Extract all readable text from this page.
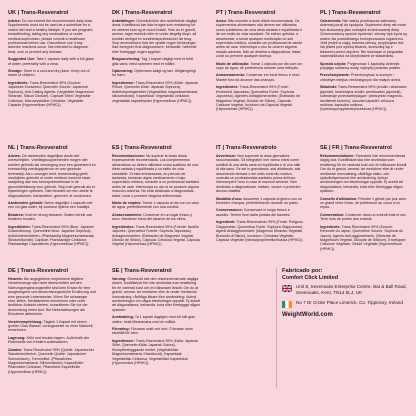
UK | Trans-Resveratrol

Advice: Do not exceed the recommended daily dose. Supplements must not be used as a substitute for a varied diet and a healthy lifestyle. If you are pregnant, breastfeeding, taking any medications or under medical supervision, please consult a healthcare professional before use. Discontinue use if any adverse reactions occur. Not intended to diagnose, treat, cure or prevent any disease.

Suggested Use: Take 1 capsule daily with a full glass of water, preferably with a meal.

Storage: Store in a cool and dry place. Keep out of reach of children.

Ingredients: Trans-Resveratrol 99% (Source: Japanese Knotweed, Quercetin Source: Japanese Sophora), Anti-Caking Agents: (Vegetable Magnesium Stearate, Silicon Dioxide), Capsule Shell: Vegetable Cellulose, Microcrystalline Cellulose, Vegetable Capsule (Hypromellose (HPMC)).

DK | Trans-Resveratrol

Anbefalinger: Overskrid ikke den anbefalede daglige dosis. Kosttilskud bør ikke bruges som erstatning for en varieret kost og en sund livsstil. Hvis du er gravid, ammer, tager medicin eller er under lægelig tilsyn, så kontakt venligst en sundhedsprofessionel før brug. Stop anvendelsen hvis der opstår nogen bivirkninger. Ikke beregnet til at diagnosticere, behandle, helbrede eller forebygge nogen sygdom.

Brugsanvisning: Tag 1 kapsel dagligt med et fuldt glas vand, helst sammen med et måltid.

Opbevaring: Opbevares køligt og tørt. Utilgængeligt for børn.

Ingredienser: Trans-Resveratrol 99% (Kilde: Japansk Pileurt, Quercetin Kilde: Japansk Sophora), Antiklumpningsmidler (Vegetabilsk magnesiumstearat, siliciumdioxid), Kapselskal: Vegetabilsk cellulose, vegetabilsk kapselhylster (Hypromellose (HPMC)).

PT | Trans-Resveratrol

Aviso: Não exceder a dose diária recomendada. Os suplementos alimentares não devem ser utilizados como substitutos de uma dieta variada e equilibrada e de um estilo de vida saudável. Se estiver grávida, a amamentar, a tomar qualquer medicação ou sob supervisão médica, consulte um profissional de saúde antes de usar. Interrompa o uso se ocorrer alguma reação adversa. Não se destina a diagnosticar, tratar, curar ou prevenir qualquer doença.

Modo de utilização: Tomar 1 cápsula por dia com um copo de água, de preferência durante uma refeição.

Armazenamento: Conservar em local fresco e seco. Manter fora do alcance das crianças.

Ingredientes: Trans-Resveratrol 99% (Fonte: Knotweed Japonesa, Quercetina Fonte: Sophora Japonesa), Agentes Antiaglomerantes: (Estearato de Magnésio Vegetal, Dióxido de Silício), Cápsula: Celulose Vegetal, Invólucro da Cápsula Vegetal (Hipromelose (HPMC)).

PL | Trans-Resweratrol

Ostrzeżenia: Nie należy przekraczać zalecanej dziennej porcji do spożycia. Suplement diety nie może być stosowany jako substytut zróżnicowanej diety. Zrównoważony sposób żywienia i zdrowy tryb życia są ważne dla prawidłowego funkcjonowania organizmu. Jeśli jesteś w ciąży, karmisz piersią, przyjmujesz leki lub jesteś pod opieką lekarza, skonsultuj się z lekarzem przed użyciem. Nie stosować w przypadku nadwrażliwości na którykolwiek ze składników.

Sposób użycia: Przyjmować 1 kapsułkę dziennie, popijając szklanką wody, najlepiej podczas posiłku.

Przechowywanie: Przechowywać w suchym i chłodnym miejscu niedostępnym dla małych dzieci.

Składniki: Trans-Resweratrol 99% (źródło: rdestowiec japoński, kwercetyna źródło: perełkowiec japoński), substancje przeciwzbrylające: (stearynian magnezu, dwutlenek krzemu), otoczka kapsułki: celuloza roślinna, kapsułka roślinna (hydroksypropylometyloceluloza (HPMC)).

NL | Trans-Resveratrol

Advies: De aanbevolen dagelijkse dosis niet overschrijden. Voedingssupplementen mogen niet worden gebruikt als vervanging voor een gevarieerd en evenwichtig voedingspatroon en een gezonde levensstijl. Als u zwanger bent, borstvoeding geeft, medicijnen gebruikt of onder medisch toezicht staat, raadpleeg dan een beroepsbeoefenaar in de gezondheidszorg voor gebruik. Stop met gebruik als er bijwerkingen optreden. Niet bedoeld om een ziekte te diagnosticeren, behandelen, genezen of voorkomen.

Aanbevolen gebruik: Neem dagelijks 1 capsule met een vol glas water, bij voorkeur tijdens een maaltijd.

Bewaren: Koel en droog bewaren. Buiten bereik van kinderen houden.

Ingrediënten: Trans-Resveratrol 99% (Bron: Japanse Duizendknoop, Quercetine Bron: Japanse Sophora), Antiklontermiddelen: (Plantaardig Magnesiumstearaat, Siliciumdioxide), Capsule: Plantaardige Cellulose, Plantaardige Capsulehuls (Hypromellose (HPMC)).

ES | Trans-Resveratrol

Recomendaciones: No superar la dosis diaria expresamente recomendada. Los complementos alimenticios no deben utilizarse como sustituto de una dieta variada y equilibrada y un estilo de vida saludable. Si está embarazada, en periodo de lactancia, tomando algún medicamento o bajo supervisión médica, consulte a un profesional sanitario antes de usar. Interrumpa su uso si se produce alguna reacción adversa. No está destinado a diagnosticar, tratar, curar o prevenir ninguna enfermedad.

Modo de empleo: Tomar 1 cápsula al día con un vaso de agua, preferiblemente con una comida.

Almacenamiento: Conservar en un lugar fresco y seco. Mantener fuera del alcance de los niños.

Ingredientes: Trans-Resveratrol 99% (Fuente: Nudillo Japonés, Quercetina Fuente: Sophora Japonesa), Antiaglomerantes: (Estearato de Magnesio Vegetal, Dióxido de Silicio), Cápsula: Celulosa Vegetal, Cápsula Vegetal (Hipromelosa (HPMC)).

IT | Trans-Resveratrolo

Avvertenze: Non superare la dose giornaliera raccomandata. Gli integratori non vanno intesi come sostituti di una dieta varia ed equilibrata e di uno stile di vita sano. Se sei in gravidanza, stai allattando, stai assumendo farmaci o sei sotto controllo medico, consulta un professionista sanitario prima dell'uso. Interrompere l'uso in caso di reazioni avverse. Non destinato a diagnosticare, trattare, curare o prevenire alcuna malattia.

Modalità d'uso: Assumere 1 capsula al giorno con un bicchiere d'acqua, preferibilmente durante un pasto.

Conservazione: Conservare in luogo fresco e asciutto. Tenere fuori dalla portata dei bambini.

Ingredienti: Trans-Resveratrolo 99% (Fonte: Poligono Giapponese, Quercetina Fonte: Sophora Giapponese), Agenti Antiagglomeranti: (Magnesio Stearato Vegetale, Biossido di Silicio), Involucro: Cellulosa Vegetale, Capsula Vegetale (Idrossipropilmetilcellulosa (HPMC)).

SE | FR | Trans-Resveratrol

Rekommendationer: Överskrid inte rekommenderad daglig dos. Kosttillskott ska inte användas som ersättning för en varierad kost och en hälsosam livsstil. Om du är gravid, ammar, tar mediciner eller är under medicinsk övervakning, rådfråga hälso- och sjukvårdspersonal före användning. Avbryt användningen om biverkningar uppstår. Ej avsett att diagnostisera, behandla, bota eller förebygga någon sjukdom.

Conseils d'utilisation: Prendre 1 gélule par jour avec un grand verre d'eau, de préférence au cours d'un repas.

Conservation: Conserver dans un endroit frais et sec. Tenir hors de portée des enfants.

Ingrédients: Trans-Resvératrol 99% (Source: Renouée du Japon, Quercétine Source: Sophora du Japon), Agents Anti-agglomérants: (Stéarate de Magnésium Végétal, Dioxyde de Silicium), Enveloppe: Cellulose Végétale, Gélule Végétale (Hypromellose (HPMC)).

DE | Trans-Resveratrol

Hinweis: Die angegebene empfohlene tägliche Verzehrmenge darf nicht überschritten werden. Nahrungsergänzungsmittel sind kein Ersatz für eine ausgewogene und abwechslungsreiche Ernährung und eine gesunde Lebensweise. Wenn Sie schwanger sind, stillen, Medikamente einnehmen oder unter ärztlicher Aufsicht stehen, konsultieren Sie vor der Anwendung einen Arzt. Bei Nebenwirkungen die Einnahme abbrechen.

Verzehrempfehlung: Täglich 1 Kapsel mit einem großen Glas Wasser, vorzugsweise zu einer Mahlzeit, einnehmen.

Lagerung: Kühl und trocken lagern. Außerhalb der Reichweite von Kindern aufbewahren.

Zutaten: Trans-Resveratrol 99% (Quelle: Japanischer Staudenknöterich, Quercetin Quelle: Japanischer Schnurbaum), Trennmittel: (Pflanzliches Magnesiumstearat, Siliciumdioxid), Kapselhülle: Pflanzliche Cellulose, Pflanzliche Kapselhülle (Hypromellose (HPMC)).

SE | Trans-Resveratrol

Varning: Överskrid inte den rekommenderade dagliga dosen. Kosttillskott bör inte användas som ersättning för en varierad kost och en hälsosam livsstil. Om du är gravid, ammar, tar mediciner eller är under medicinsk övervakning, rådfråga läkare före användning. Avbryt användningen om några biverkningar uppstår. Ej avsett att diagnostisera, behandla, bota eller förebygga någon sjukdom.

Användning: Ta 1 kapsel dagligen med ett fullt glas vatten, helst tillsammans med en måltid.

Förvaring: Förvaras svalt och torrt. Förvaras utom räckhåll för barn.

Ingredienser: Trans-Resveratrol 99% (Källa: Japansk Slide, Quercetin Källa: Japansk Sofora), Klumpförebyggande medel: (Vegetabiliskt Magnesiumstearat, Kiseldioxid), Kapselskal: Vegetabilisk Cellulosa, Vegetabiliskt Kapselskal (Hypromellos (HPMC)).

Fabricado por:
Comfort Click Limited
Unit 8, Sevenoaks Enterprise Centre, Bat & Ball Road, Sevenoaks, Kent, TN14 5LJ, UK
No 7 Dr Croke Place Limerick, Co. Tipperary, Ireland
WeightWorld.com
